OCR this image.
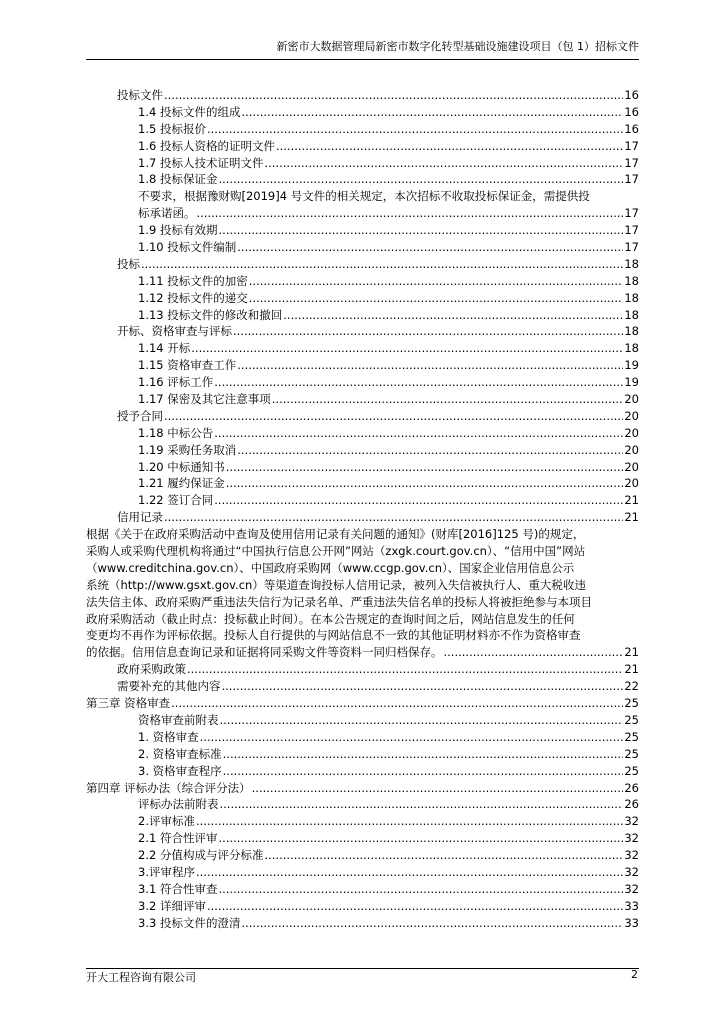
新密市大数据管理局新密市数字化转型基础设施建设项目（包 1）招标文件
投标文件 .....	16
1.4 投标文件的组成 .....	16
1.5 投标报价 .....	16
1.6 投标人资格的证明文件 .....	17
1.7 投标人技术证明文件 .....	17
1.8 投标保证金 .....	17
不要求，根据豫财购[2019]4 号文件的相关规定，本次招标不收取投标保证金，需提供投
标承诺函。 .....	17
1.9 投标有效期 .....	17
1.10 投标文件编制 .....	17
投标 .....	18
1.11 投标文件的加密 .....	18
1.12 投标文件的递交 .....	18
1.13 投标文件的修改和撤回 .....	18
开标、资格审查与评标 .....	18
1.14 开标 .....	18
1.15 资格审查工作 .....	19
1.16 评标工作 .....	19
1.17 保密及其它注意事项 .....	20
授予合同 .....	20
1.18 中标公告 .....	20
1.19 采购任务取消 .....	20
1.20 中标通知书 .....	20
1.21 履约保证金 .....	20
1.22 签订合同 .....	21
信用记录 .....	21
根据《关于在政府采购活动中查询及使用信用记录有关问题的通知》(财库[2016]125 号)的规定，
采购人或采购代理机构将通过“中国执行信息公开网”网站（zxgk.court.gov.cn）、“信用中国”网站
（www.creditchina.gov.cn）、中国政府采购网（www.ccgp.gov.cn）、国家企业信用信息公示
系统（http://www.gsxt.gov.cn）等渠道查询投标人信用记录，被列入失信被执行人、重大税收违
法失信主体、政府采购严重违法失信行为记录名单、严重违法失信名单的投标人将被拒绝参与本项目
政府采购活动（截止时点：投标截止时间）。在本公告规定的查询时间之后，网站信息发生的任何
变更均不再作为评标依据。投标人自行提供的与网站信息不一致的其他证明材料亦不作为资格审查
的依据。信用信息查询记录和证据将同采购文件等资料一同归档保存。 .....	21
政府采购政策 .....	21
需要补充的其他内容 .....	22
第三章 资格审查 .....	25
资格审查前附表 .....	25
1. 资格审查 .....	25
2. 资格审查标准 .....	25
3. 资格审查程序 .....	25
第四章 评标办法（综合评分法） .....	26
评标办法前附表 .....	26
2.评审标准 .....	32
2.1 符合性评审 .....	32
2.2 分值构成与评分标准 .....	32
3.评审程序 .....	32
3.1 符合性审查 .....	32
3.2 详细评审 .....	33
3.3 投标文件的澄清 .....	33
开大工程咨询有限公司	2
